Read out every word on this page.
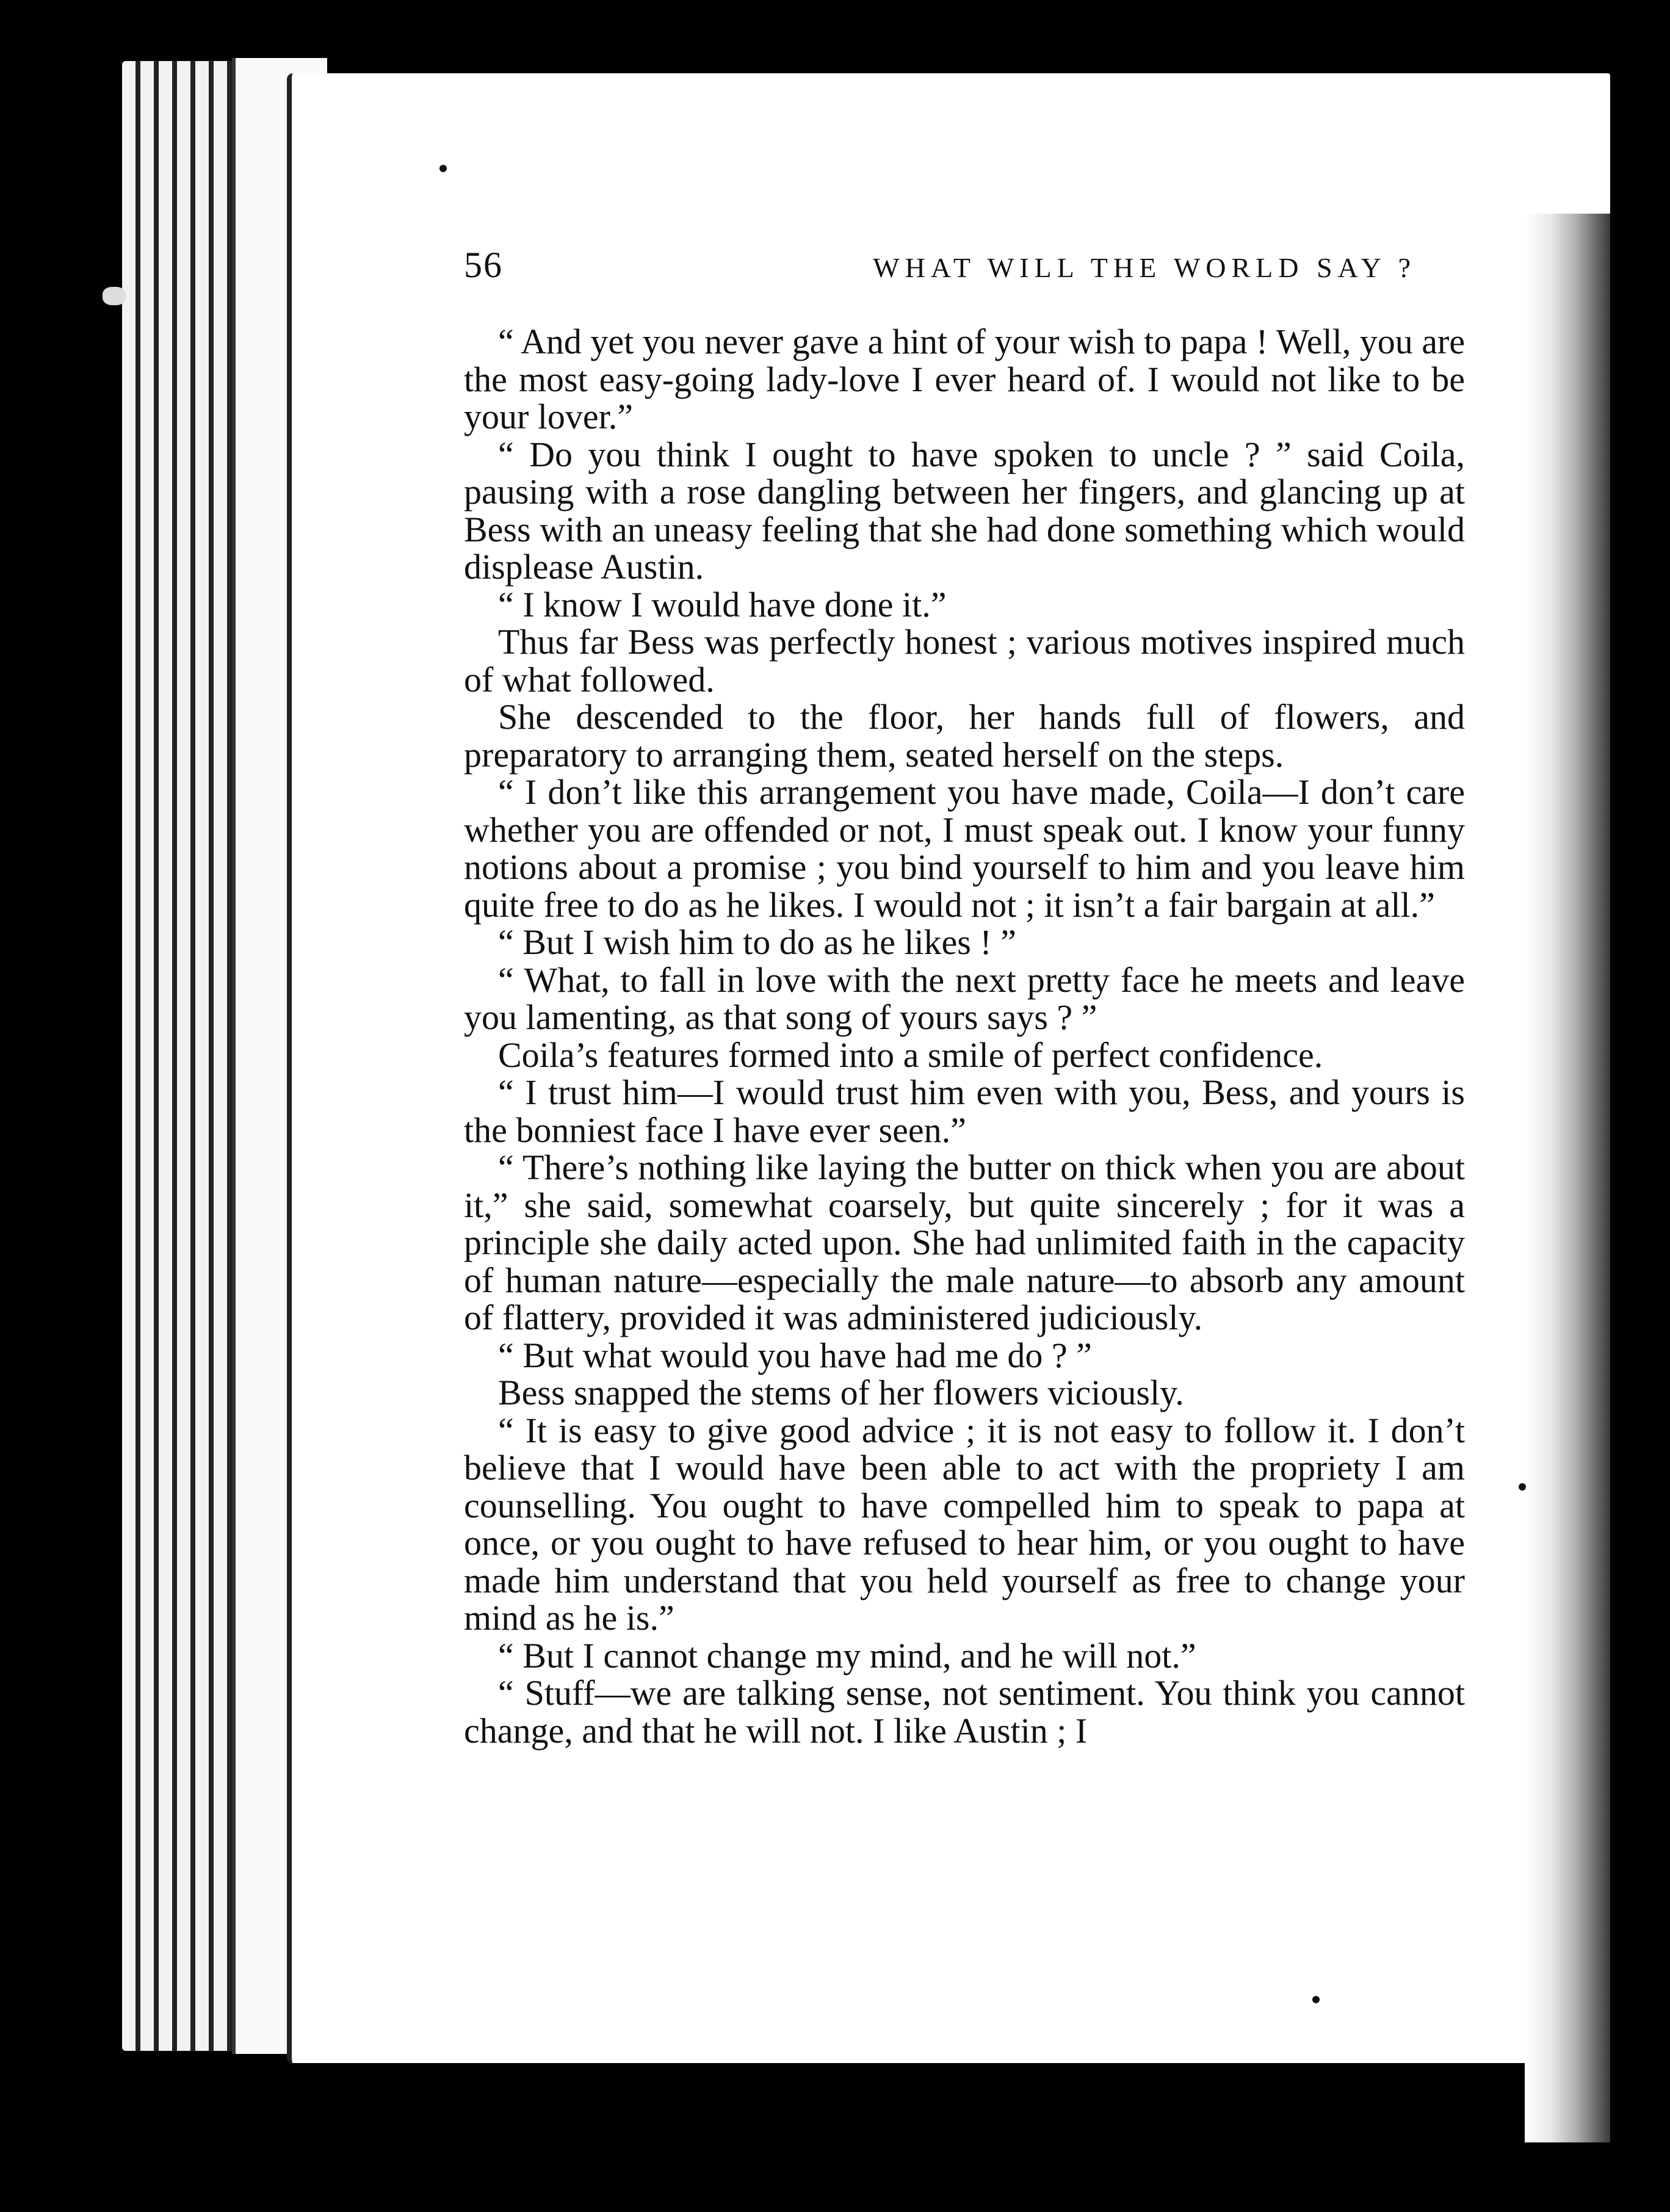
56	WHAT WILL THE WORLD SAY ?

“ And yet you never gave a hint of your wish to papa ! Well, you are the most easy-going lady-love I ever heard of. I would not like to be your lover.”

“ Do you think I ought to have spoken to uncle ? ” said Coila, pausing with a rose dangling between her fingers, and glancing up at Bess with an uneasy feeling that she had done something which would displease Austin.

“ I know I would have done it.”

Thus far Bess was perfectly honest ; various motives inspired much of what followed.

She descended to the floor, her hands full of flowers, and preparatory to arranging them, seated herself on the steps.

“ I don’t like this arrangement you have made, Coila—I don’t care whether you are offended or not, I must speak out. I know your funny notions about a promise ; you bind yourself to him and you leave him quite free to do as he likes. I would not ; it isn’t a fair bargain at all.”

“ But I wish him to do as he likes ! ”

“ What, to fall in love with the next pretty face he meets and leave you lamenting, as that song of yours says ? ”

Coila’s features formed into a smile of perfect confidence.

“ I trust him—I would trust him even with you, Bess, and yours is the bonniest face I have ever seen.”

“ There’s nothing like laying the butter on thick when you are about it,” she said, somewhat coarsely, but quite sincerely ; for it was a principle she daily acted upon. She had unlimited faith in the capacity of human nature—especially the male nature—to absorb any amount of flattery, provided it was administered judiciously.

“ But what would you have had me do ? ”

Bess snapped the stems of her flowers viciously.

“ It is easy to give good advice ; it is not easy to follow it. I don’t believe that I would have been able to act with the propriety I am counselling. You ought to have compelled him to speak to papa at once, or you ought to have refused to hear him, or you ought to have made him understand that you held yourself as free to change your mind as he is.”

“ But I cannot change my mind, and he will not.”

“ Stuff—we are talking sense, not sentiment. You think you cannot change, and that he will not. I like Austin ; I
